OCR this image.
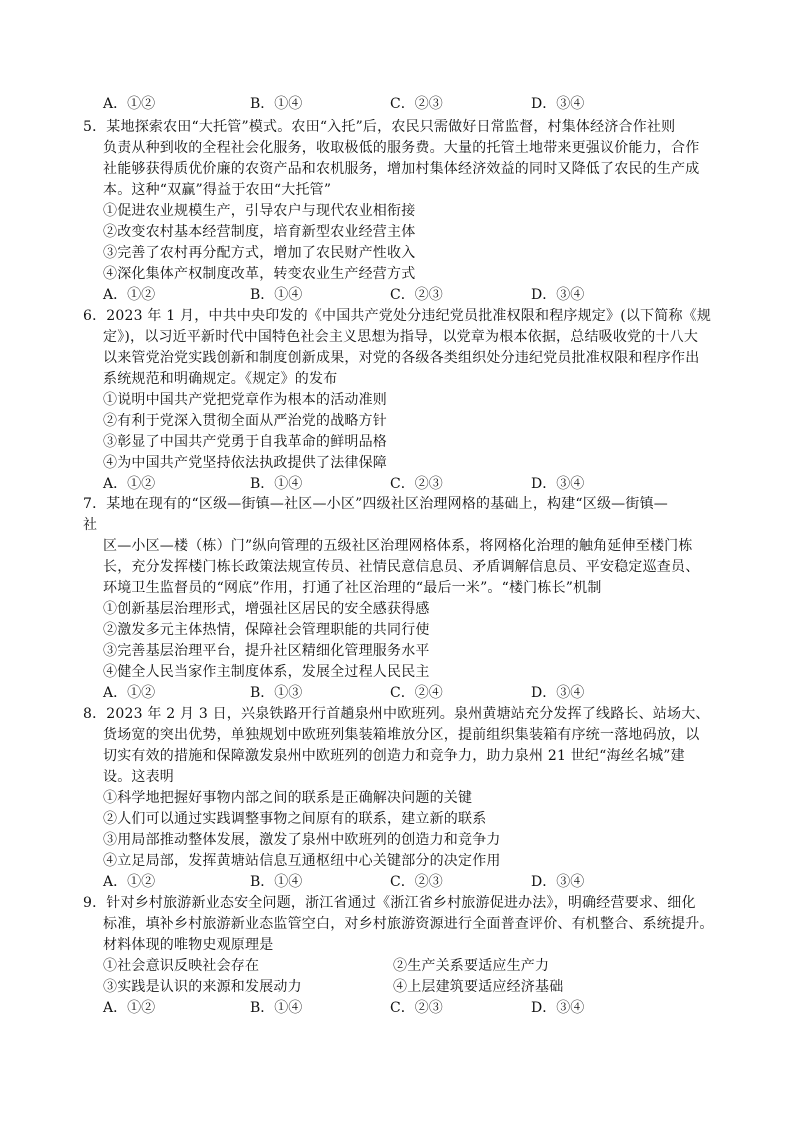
A．①②	B．①④	C．②③	D．③④
5．某地探索农田“大托管”模式。农田“入托”后，农民只需做好日常监督，村集体经济合作社则
负责从种到收的全程社会化服务，收取极低的服务费。大量的托管土地带来更强议价能力，合作
社能够获得质优价廉的农资产品和农机服务，增加村集体经济效益的同时又降低了农民的生产成
本。这种“双赢”得益于农田“大托管”
①促进农业规模生产，引导农户与现代农业相衔接
②改变农村基本经营制度，培育新型农业经营主体
③完善了农村再分配方式，增加了农民财产性收入
④深化集体产权制度改革，转变农业生产经营方式
A．①②	B．①④	C．②③	D．③④
6．2023 年 1 月，中共中央印发的《中国共产党处分违纪党员批准权限和程序规定》(以下简称《规
定》)，以习近平新时代中国特色社会主义思想为指导，以党章为根本依据，总结吸收党的十八大
以来管党治党实践创新和制度创新成果，对党的各级各类组织处分违纪党员批准权限和程序作出
系统规范和明确规定。《规定》的发布
①说明中国共产党把党章作为根本的活动准则
②有利于党深入贯彻全面从严治党的战略方针
③彰显了中国共产党勇于自我革命的鲜明品格
④为中国共产党坚持依法执政提供了法律保障
A．①②	B．①④	C．②③	D．③④
7．某地在现有的“区级—街镇—社区—小区”四级社区治理网格的基础上，构建“区级—街镇—
社
区—小区—楼（栋）门”纵向管理的五级社区治理网格体系，将网格化治理的触角延伸至楼门栋
长，充分发挥楼门栋长政策法规宣传员、社情民意信息员、矛盾调解信息员、平安稳定巡查员、
环境卫生监督员的“网底”作用，打通了社区治理的“最后一米”。“楼门栋长”机制
①创新基层治理形式，增强社区居民的安全感获得感
②激发多元主体热情，保障社会管理职能的共同行使
③完善基层治理平台，提升社区精细化管理服务水平
④健全人民当家作主制度体系，发展全过程人民民主
A．①②	B．①③	C．②④	D．③④
8．2023 年 2 月 3 日，兴泉铁路开行首趟泉州中欧班列。泉州黄塘站充分发挥了线路长、站场大、
货场宽的突出优势，单独规划中欧班列集装箱堆放分区，提前组织集装箱有序统一落地码放，以
切实有效的措施和保障激发泉州中欧班列的创造力和竞争力，助力泉州 21 世纪“海丝名城”建
设。这表明
①科学地把握好事物内部之间的联系是正确解决问题的关键
②人们可以通过实践调整事物之间原有的联系，建立新的联系
③用局部推动整体发展，激发了泉州中欧班列的创造力和竞争力
④立足局部，发挥黄塘站信息互通枢纽中心关键部分的决定作用
A．①②	B．①④	C．②③	D．③④
9．针对乡村旅游新业态安全问题，浙江省通过《浙江省乡村旅游促进办法》，明确经营要求、细化
标准，填补乡村旅游新业态监管空白，对乡村旅游资源进行全面普查评价、有机整合、系统提升。
材料体现的唯物史观原理是
①社会意识反映社会存在	②生产关系要适应生产力
③实践是认识的来源和发展动力	④上层建筑要适应经济基础
A．①②	B．①④	C．②③	D．③④
